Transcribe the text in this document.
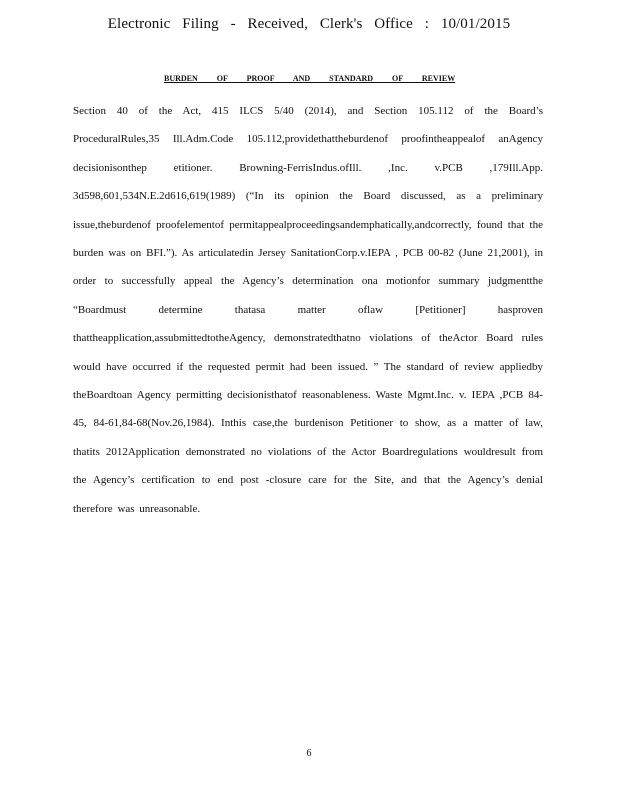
Electronic Filing - Received, Clerk's Office : 10/01/2015
BURDEN OF PROOF AND STANDARD OF REVIEW

Section 40 of the Act, 415 ILCS 5/40 (2014), and Section 105.112 of the Board’s ProceduralRules,35 Ill.Adm.Code 105.112,providethattheburdenof proofintheappealof anAgency decisionisonthep etitioner. Browning-FerrisIndus.ofIll. ,Inc. v.PCB ,179Ill.App. 3d598,601,534N.E.2d616,619(1989) (“In its opinion the Board discussed, as a preliminary issue,theburdenof proofelementof permitappealproceedingsandemphatically,andcorrectly, found that the burden was on BFI.”). As articulatedin Jersey SanitationCorp.v.IEPA , PCB 00-82 (June 21,2001), in order to successfully appeal the Agency’s determination ona motionfor summary judgmentthe “Boardmust determine thatasa matter oflaw [Petitioner] hasproven thattheapplication,assubmittedtotheAgency, demonstratedthatno violations of theActor Board rules would have occurred if the requested permit had been issued. ” The standard of review appliedby theBoardtoan Agency permitting decisionisthatof reasonableness. Waste Mgmt.Inc. v. IEPA ,PCB 84-45, 84-61,84-68(Nov.26,1984). Inthis case,the burdenison Petitioner to show, as a matter of law, thatits 2012Application demonstrated no violations of the Actor Boardregulations wouldresult from the Agency’s certification to end post -closure care for the Site, and that the Agency’s denial therefore was unreasonable.

6
